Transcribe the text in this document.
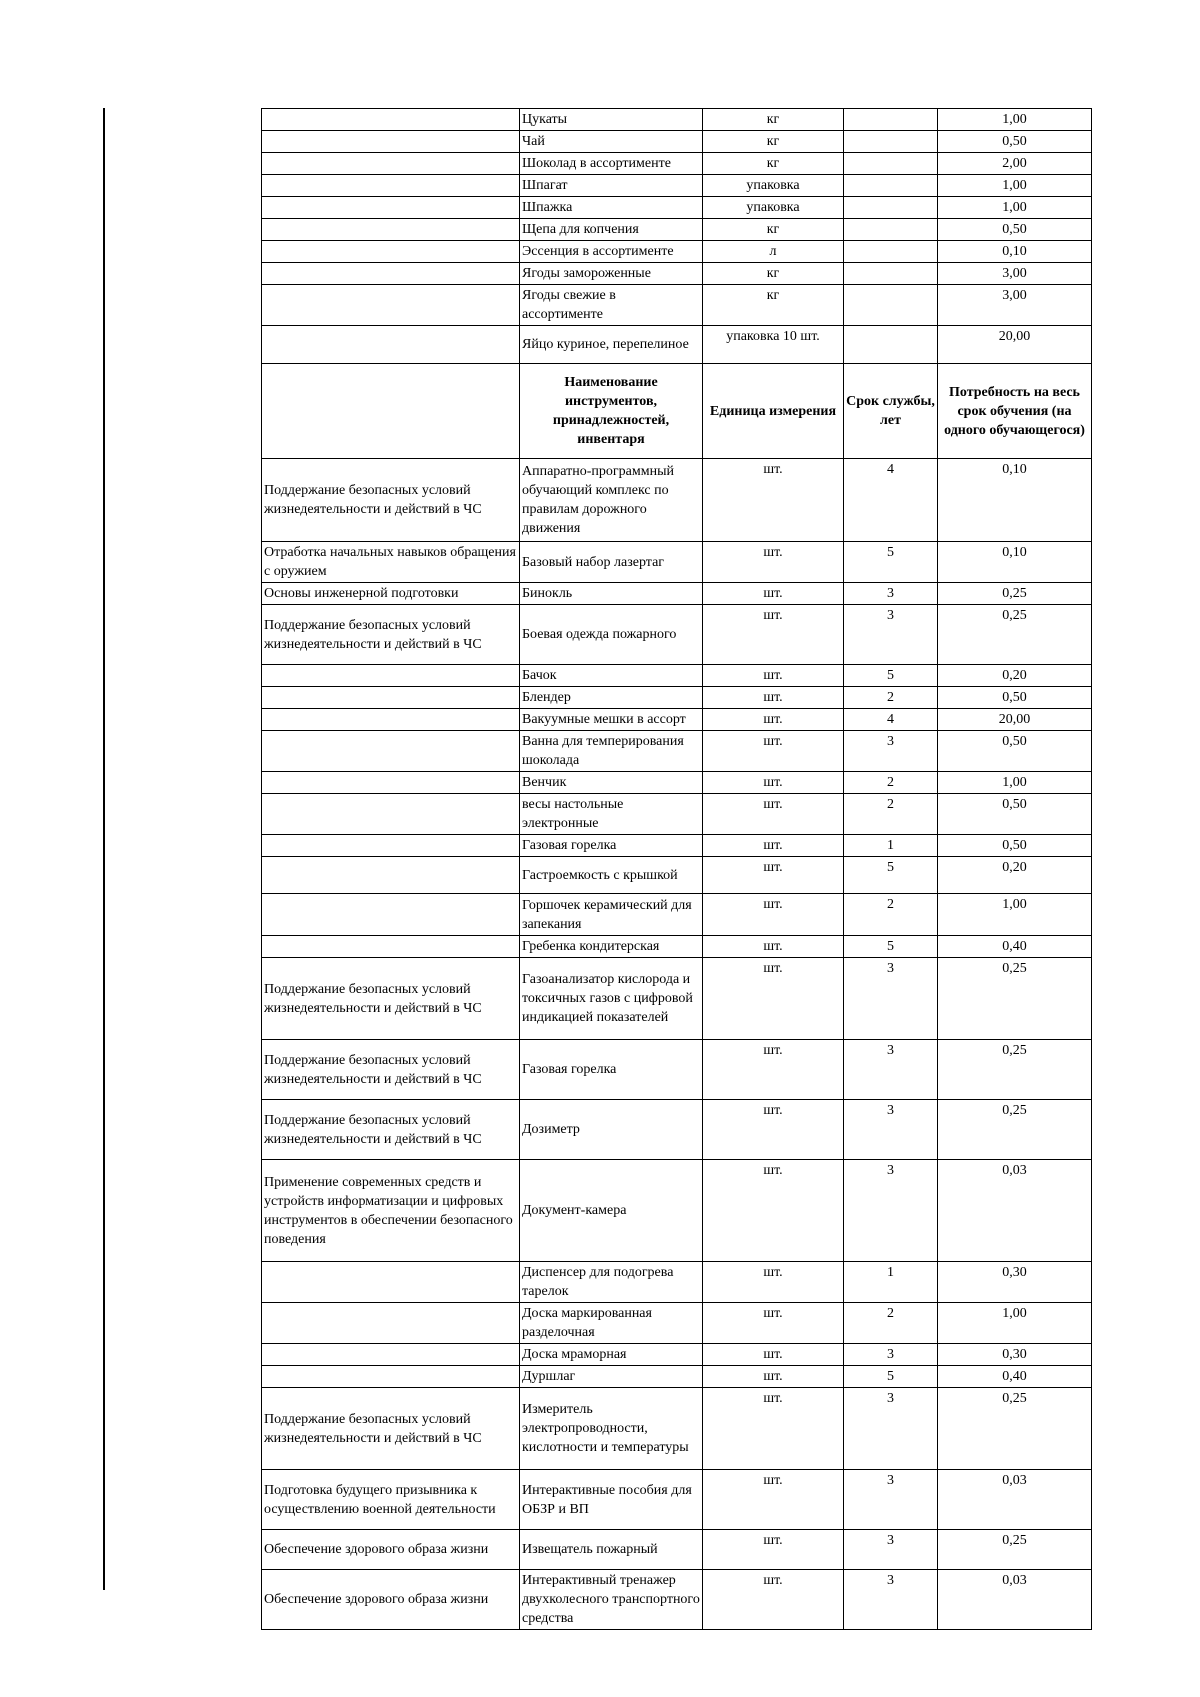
	Цукаты	кг		1,00
	Чай	кг		0,50
	Шоколад в ассортименте	кг		2,00
	Шпагат	упаковка		1,00
	Шпажка	упаковка		1,00
	Щепа для копчения	кг		0,50
	Эссенция в ассортименте	л		0,10
	Ягоды замороженные	кг		3,00
	Ягоды свежие в ассортименте	кг		3,00
	Яйцо куриное, перепелиное	упаковка 10 шт.		20,00
	Наименование инструментов, принадлежностей, инвентаря	Единица измерения	Срок службы, лет	Потребность на весь срок обучения (на одного обучающегося)
Поддержание безопасных условий жизнедеятельности и действий в ЧС	Аппаратно-программный обучающий комплекс по правилам дорожного движения	шт.	4	0,10
Отработка начальных навыков обращения с оружием	Базовый набор лазертаг	шт.	5	0,10
Основы инженерной подготовки	Бинокль	шт.	3	0,25
Поддержание безопасных условий жизнедеятельности и действий в ЧС	Боевая одежда пожарного	шт.	3	0,25
	Бачок	шт.	5	0,20
	Блендер	шт.	2	0,50
	Вакуумные мешки в ассорт	шт.	4	20,00
	Ванна для темперирования шоколада	шт.	3	0,50
	Венчик	шт.	2	1,00
	весы настольные электронные	шт.	2	0,50
	Газовая горелка	шт.	1	0,50
	Гастроемкость с крышкой	шт.	5	0,20
	Горшочек керамический для запекания	шт.	2	1,00
	Гребенка кондитерская	шт.	5	0,40
Поддержание безопасных условий жизнедеятельности и действий в ЧС	Газоанализатор кислорода и токсичных газов с цифровой индикацией показателей	шт.	3	0,25
Поддержание безопасных условий жизнедеятельности и действий в ЧС	Газовая горелка	шт.	3	0,25
Поддержание безопасных условий жизнедеятельности и действий в ЧС	Дозиметр	шт.	3	0,25
Применение современных средств и устройств информатизации и цифровых инструментов в обеспечении безопасного поведения	Документ-камера	шт.	3	0,03
	Диспенсер для подогрева тарелок	шт.	1	0,30
	Доска маркированная разделочная	шт.	2	1,00
	Доска мраморная	шт.	3	0,30
	Дуршлаг	шт.	5	0,40
Поддержание безопасных условий жизнедеятельности и действий в ЧС	Измеритель электропроводности, кислотности и температуры	шт.	3	0,25
Подготовка будущего призывника к осуществлению военной деятельности	Интерактивные пособия для ОБЗР и ВП	шт.	3	0,03
Обеспечение здорового образа жизни	Извещатель пожарный	шт.	3	0,25
Обеспечение здорового образа жизни	Интерактивный тренажер двухколесного транспортного средства	шт.	3	0,03
